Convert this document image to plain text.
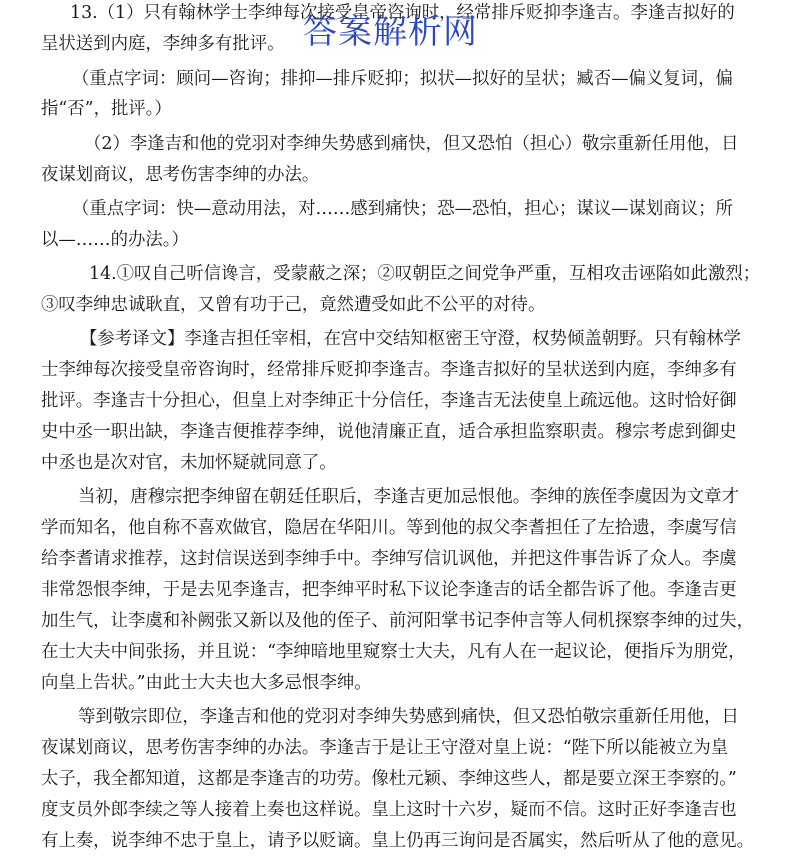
13.（1）只有翰林学士李绅每次接受皇帝咨询时，经常排斥贬抑李逢吉。李逢吉拟好的
呈状送到内庭，李绅多有批评。
（重点字词：顾问—咨询；排抑—排斥贬抑；拟状—拟好的呈状；臧否—偏义复词，偏
指“否”，批评。）
（2）李逢吉和他的党羽对李绅失势感到痛快，但又恐怕（担心）敬宗重新任用他，日
夜谋划商议，思考伤害李绅的办法。
（重点字词：快—意动用法，对……感到痛快；恐—恐怕，担心；谋议—谋划商议；所
以—……的办法。）
14.①叹自己听信谗言，受蒙蔽之深；②叹朝臣之间党争严重，互相攻击诬陷如此激烈；
③叹李绅忠诚耿直，又曾有功于己，竟然遭受如此不公平的对待。
【参考译文】李逢吉担任宰相，在宫中交结知枢密王守澄，权势倾盖朝野。只有翰林学
士李绅每次接受皇帝咨询时，经常排斥贬抑李逢吉。李逢吉拟好的呈状送到内庭，李绅多有
批评。李逢吉十分担心，但皇上对李绅正十分信任，李逢吉无法使皇上疏远他。这时恰好御
史中丞一职出缺，李逢吉便推荐李绅，说他清廉正直，适合承担监察职责。穆宗考虑到御史
中丞也是次对官，未加怀疑就同意了。
当初，唐穆宗把李绅留在朝廷任职后，李逢吉更加忌恨他。李绅的族侄李虞因为文章才
学而知名，他自称不喜欢做官，隐居在华阳川。等到他的叔父李耆担任了左拾遗，李虞写信
给李耆请求推荐，这封信误送到李绅手中。李绅写信讥讽他，并把这件事告诉了众人。李虞
非常怨恨李绅，于是去见李逢吉，把李绅平时私下议论李逢吉的话全都告诉了他。李逢吉更
加生气，让李虞和补阙张又新以及他的侄子、前河阳掌书记李仲言等人伺机探察李绅的过失，
在士大夫中间张扬，并且说：“李绅暗地里窥察士大夫，凡有人在一起议论，便指斥为朋党，
向皇上告状。”由此士大夫也大多忌恨李绅。
等到敬宗即位，李逢吉和他的党羽对李绅失势感到痛快，但又恐怕敬宗重新任用他，日
夜谋划商议，思考伤害李绅的办法。李逢吉于是让王守澄对皇上说：“陛下所以能被立为皇
太子，我全都知道，这都是李逢吉的功劳。像杜元颖、李绅这些人，都是要立深王李察的。”
度支员外郎李续之等人接着上奏也这样说。皇上这时十六岁，疑而不信。这时正好李逢吉也
有上奏，说李绅不忠于皇上，请予以贬谪。皇上仍再三询问是否属实，然后听从了他的意见。
答案解析网
